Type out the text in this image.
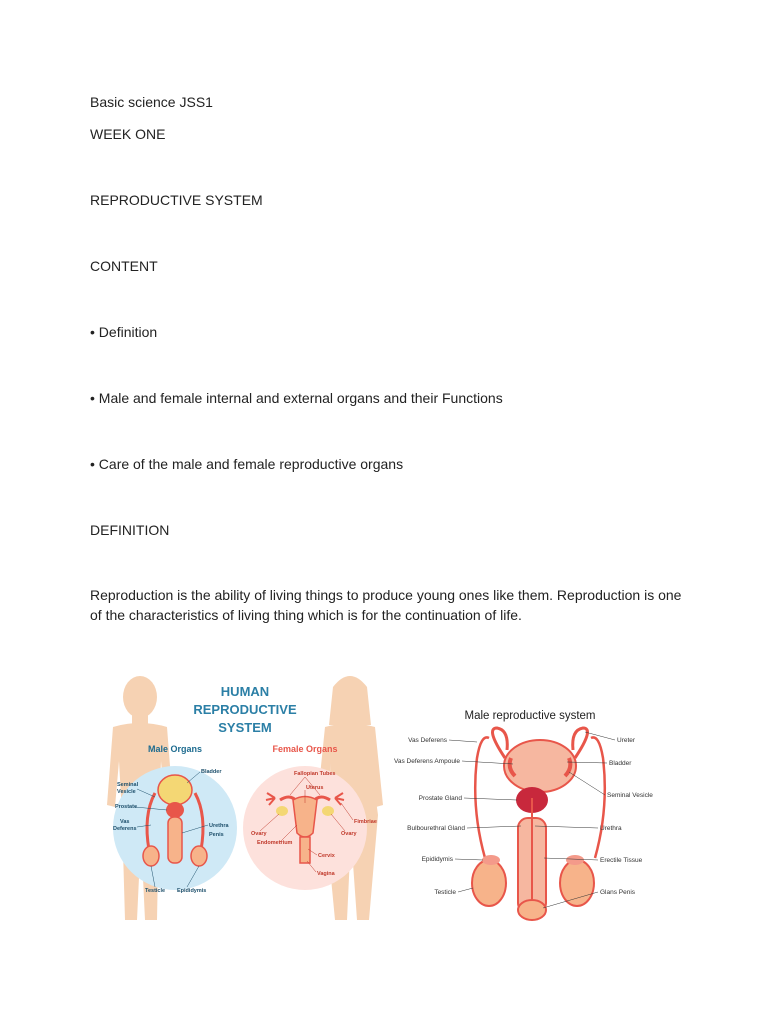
Basic science JSS1
WEEK ONE
REPRODUCTIVE SYSTEM
CONTENT
• Definition
• Male and female internal and external organs and their Functions
• Care of the male and female reproductive organs
DEFINITION
Reproduction is the ability of living things to produce young ones like them. Reproduction is one of the characteristics of living thing which is for the continuation of life.
HUMAN
REPRODUCTIVE
SYSTEM
Male Organs	Female Organs
Bladder
Seminal
Vesicle
Prostate
Vas
Deferens	Urethra
Penis
Testicle Epididymis
Fallopian Tubes
Uterus
Fimbriae
Ovary	Ovary
Endometrium
Cervix
Vagina
Male reproductive system
Vas Deferens
Vas Deferens Ampoule
Prostate Gland
Bulbourethral Gland
Epididymis
Testicle
Ureter
Bladder
Seminal Vesicle
Urethra
Erectile Tissue
Glans Penis
